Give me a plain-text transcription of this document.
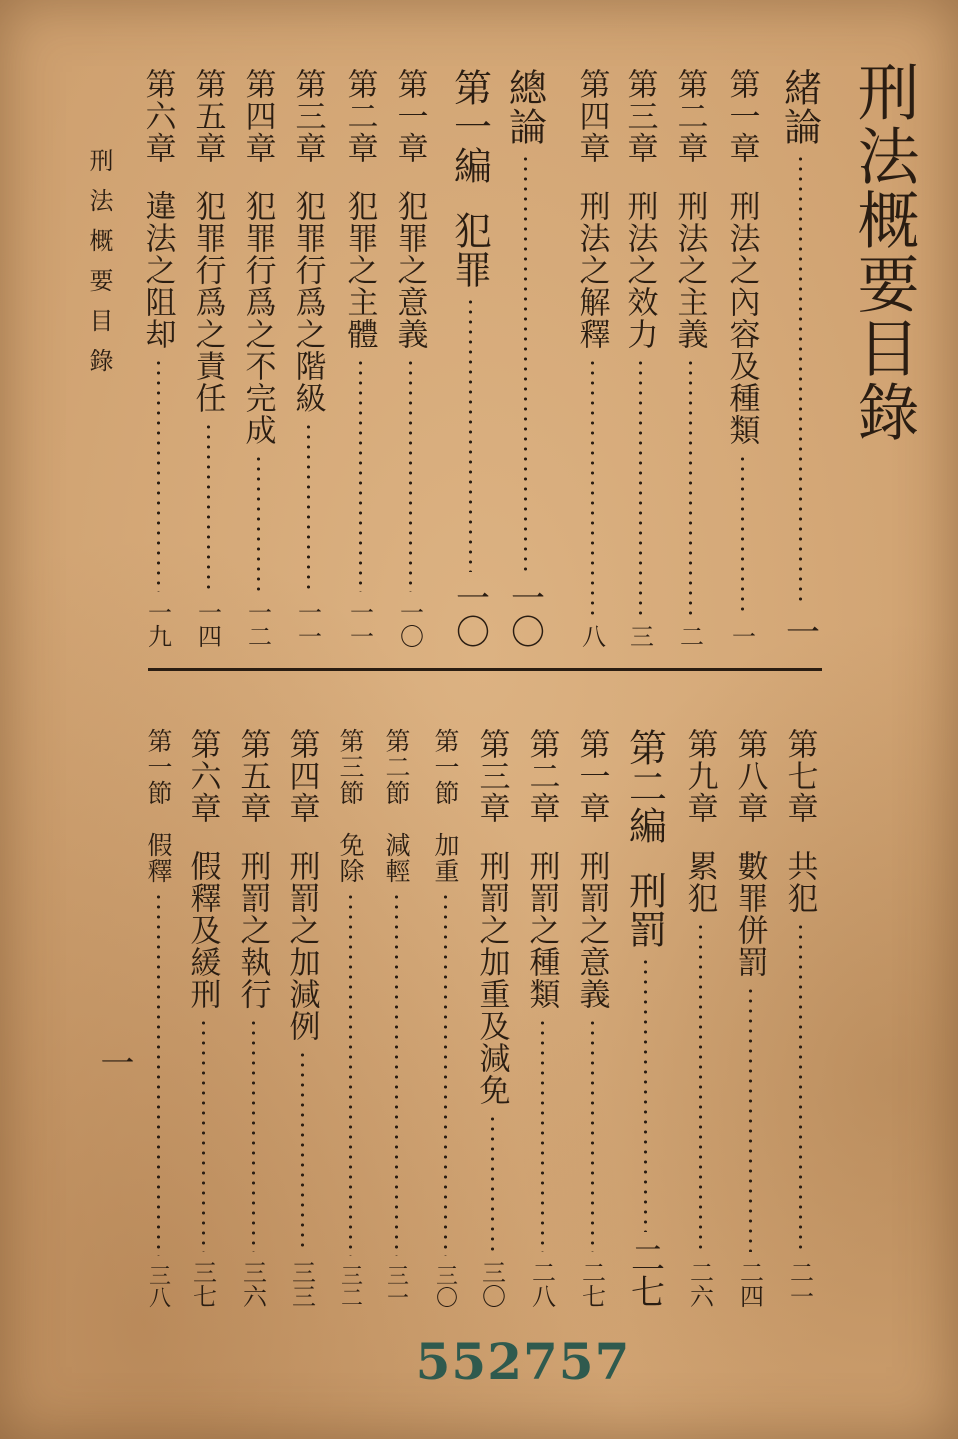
刑法概要目錄
刑法概要目錄
緒論
一
第一章刑法之內容及種類
一
第二章刑法之主義
二
第三章刑法之效力
三
第四章刑法之解釋
八
總論
一〇
第一編犯罪
一〇
第一章犯罪之意義
一〇
第二章犯罪之主體
一一
第三章犯罪行爲之階級
一一
第四章犯罪行爲之不完成
一二
第五章犯罪行爲之責任
一四
第六章違法之阻却
一九
第七章共犯
二一
第八章數罪併罰
二四
第九章累犯
二六
第二編刑罰
二七
第一章刑罰之意義
二七
第二章刑罰之種類
二八
第三章刑罰之加重及減免
三〇
第一節加重
三〇
第二節減輕
三一
第三節免除
三二
第四章刑罰之加減例
三三
第五章刑罰之執行
三六
第六章假釋及緩刑
三七
第一節假釋
三八
一
552757
